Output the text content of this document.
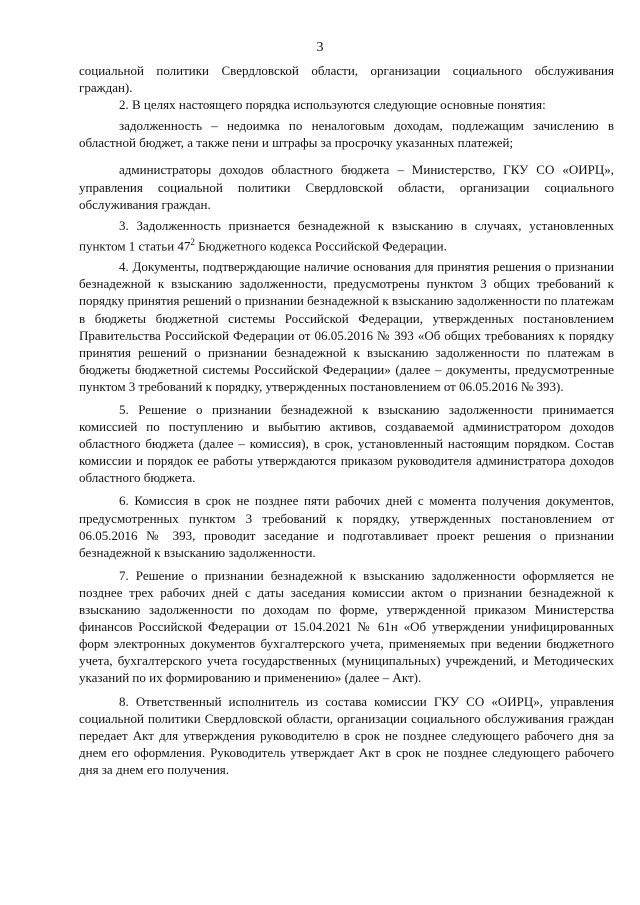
3

социальной политики Свердловской области, организации социального обслуживания граждан).

2. В целях настоящего порядка используются следующие основные понятия:

задолженность – недоимка по неналоговым доходам, подлежащим зачислению в областной бюджет, а также пени и штрафы за просрочку указанных платежей;

администраторы доходов областного бюджета – Министерство, ГКУ СО «ОИРЦ», управления социальной политики Свердловской области, организации социального обслуживания граждан.

3. Задолженность признается безнадежной к взысканию в случаях, установленных пунктом 1 статьи $47^2$ Бюджетного кодекса Российской Федерации.

4. Документы, подтверждающие наличие основания для принятия решения о признании безнадежной к взысканию задолженности, предусмотрены пунктом 3 общих требований к порядку принятия решений о признании безнадежной к взысканию задолженности по платежам в бюджеты бюджетной системы Российской Федерации, утвержденных постановлением Правительства Российской Федерации от 06.05.2016 № 393 «Об общих требованиях к порядку принятия решений о признании безнадежной к взысканию задолженности по платежам в бюджеты бюджетной системы Российской Федерации» (далее – документы, предусмотренные пунктом 3 требований к порядку, утвержденных постановлением от 06.05.2016 № 393).

5. Решение о признании безнадежной к взысканию задолженности принимается комиссией по поступлению и выбытию активов, создаваемой администратором доходов областного бюджета (далее – комиссия), в срок, установленный настоящим порядком. Состав комиссии и порядок ее работы утверждаются приказом руководителя администратора доходов областного бюджета.

6. Комиссия в срок не позднее пяти рабочих дней с момента получения документов, предусмотренных пунктом 3 требований к порядку, утвержденных постановлением от 06.05.2016 № 393, проводит заседание и подготавливает проект решения о признании безнадежной к взысканию задолженности.

7. Решение о признании безнадежной к взысканию задолженности оформляется не позднее трех рабочих дней с даты заседания комиссии актом о признании безнадежной к взысканию задолженности по доходам по форме, утвержденной приказом Министерства финансов Российской Федерации от 15.04.2021 № 61н «Об утверждении унифицированных форм электронных документов бухгалтерского учета, применяемых при ведении бюджетного учета, бухгалтерского учета государственных (муниципальных) учреждений, и Методических указаний по их формированию и применению» (далее – Акт).

8. Ответственный исполнитель из состава комиссии ГКУ СО «ОИРЦ», управления социальной политики Свердловской области, организации социального обслуживания граждан передает Акт для утверждения руководителю в срок не позднее следующего рабочего дня за днем его оформления. Руководитель утверждает Акт в срок не позднее следующего рабочего дня за днем его получения.
